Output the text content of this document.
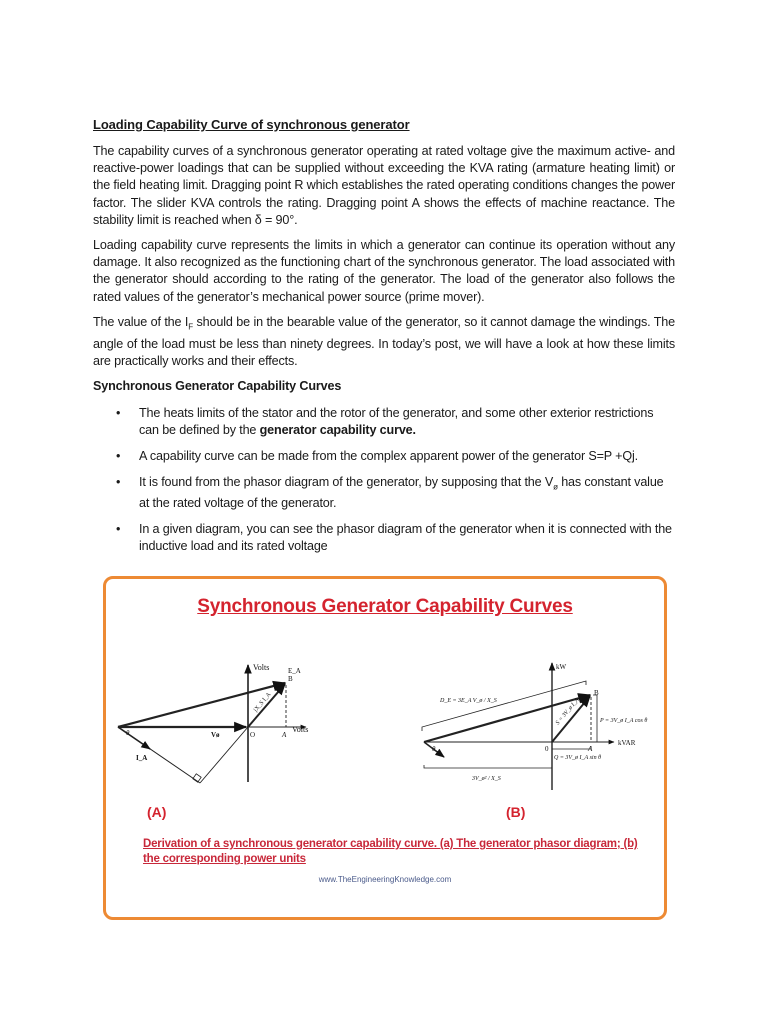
Loading Capability Curve of synchronous generator

The capability curves of a synchronous generator operating at rated voltage give the maximum active- and reactive-power loadings that can be supplied without exceeding the KVA rating (armature heating limit) or the field heating limit. Dragging point R which establishes the rated operating conditions changes the power factor. The slider KVA controls the rating. Dragging point A shows the effects of machine reactance. The stability limit is reached when δ = 90°.

Loading capability curve represents the limits in which a generator can continue its operation without any damage. It also recognized as the functioning chart of the synchronous generator. The load associated with the generator should according to the rating of the generator. The load of the generator also follows the rated values of the generator’s mechanical power source (prime mover).

The value of the $I_F$ should be in the bearable value of the generator, so it cannot damage the windings. The angle of the load must be less than ninety degrees. In today’s post, we will have a look at how these limits are practically works and their effects.

Synchronous Generator Capability Curves
• The heats limits of the stator and the rotor of the generator, and some other exterior restrictions can be defined by the generator capability curve.
• A capability curve can be made from the complex apparent power of the generator S=P +Qj.
• It is found from the phasor diagram of the generator, by supposing that the $V_ø$ has constant value at the rated voltage of the generator.
• In a given diagram, you can see the phasor diagram of the generator when it is connected with the inductive load and its rated voltage
Synchronous Generator Capability Curves
Volts
Volts
O	A
B
E_A
Vø
I_A
jX_S I_A
θ
kW
kVAR
0	A
B
D_E = 3E_A V_ø / X_S	S = 3V_ø I_A	P = 3V_ø I_A cos θ
Q = 3V_ø I_A sin θ
3V_ø² / X_S
θ
(A)	(B)
Derivation of a synchronous generator capability curve. (a) The generator phasor diagram; (b) the corresponding power units
www.TheEngineeringKnowledge.com
